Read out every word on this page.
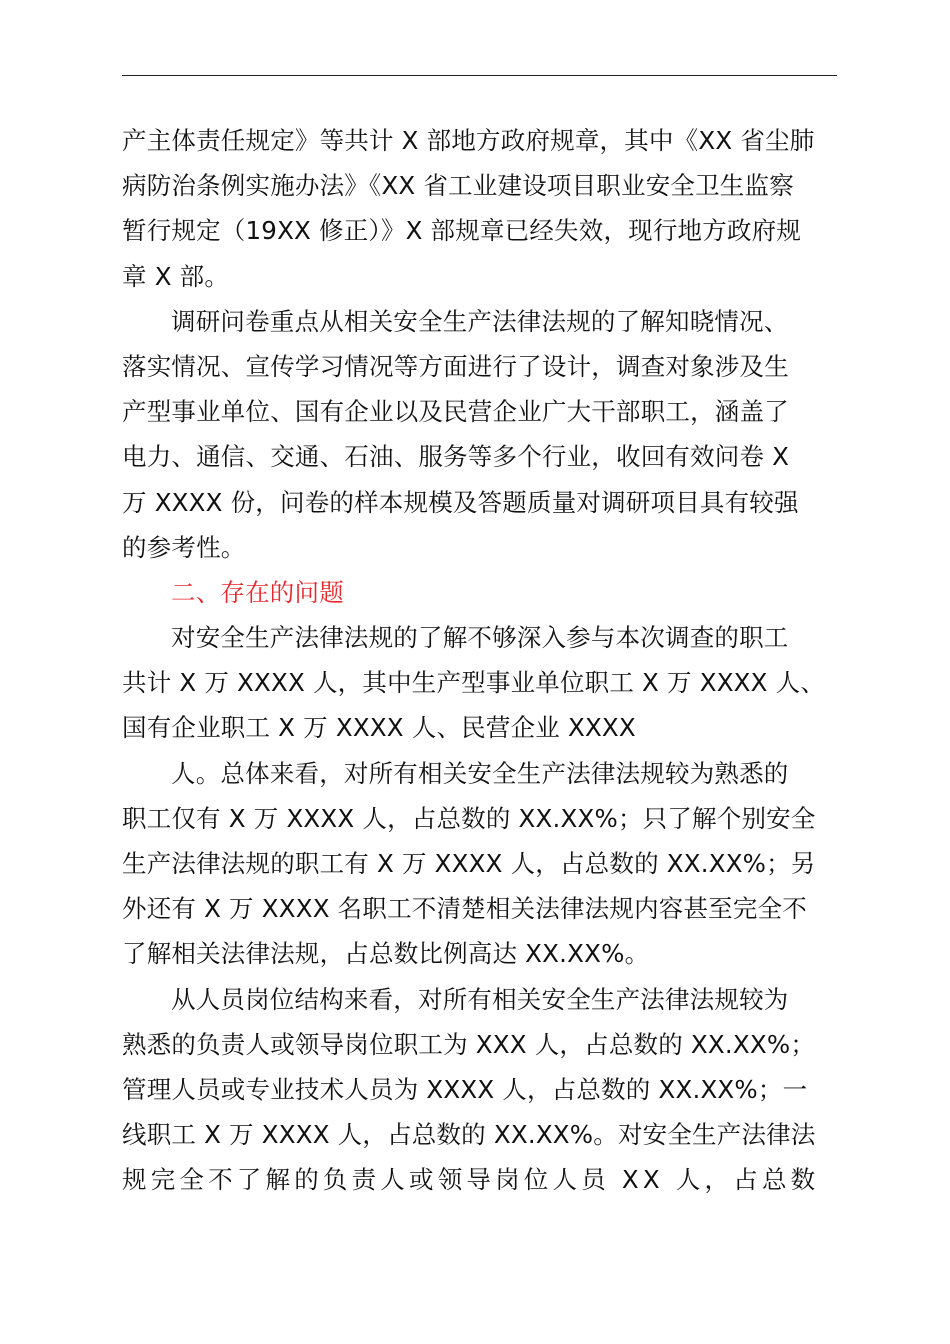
产主体责任规定》等共计 X 部地方政府规章，其中《XX 省尘肺
病防治条例实施办法》《XX 省工业建设项目职业安全卫生监察
暂行规定（19XX 修正）》X 部规章已经失效，现行地方政府规
章 X 部。
调研问卷重点从相关安全生产法律法规的了解知晓情况、
落实情况、宣传学习情况等方面进行了设计，调查对象涉及生
产型事业单位、国有企业以及民营企业广大干部职工，涵盖了
电力、通信、交通、石油、服务等多个行业，收回有效问卷 X
万 XXXX 份，问卷的样本规模及答题质量对调研项目具有较强
的参考性。
二、存在的问题
对安全生产法律法规的了解不够深入参与本次调查的职工
共计 X 万 XXXX 人，其中生产型事业单位职工 X 万 XXXX 人、
国有企业职工 X 万 XXXX 人、民营企业 XXXX
人。总体来看，对所有相关安全生产法律法规较为熟悉的
职工仅有 X 万 XXXX 人，占总数的 XX.XX%；只了解个别安全
生产法律法规的职工有 X 万 XXXX 人，占总数的 XX.XX%；另
外还有 X 万 XXXX 名职工不清楚相关法律法规内容甚至完全不
了解相关法律法规，占总数比例高达 XX.XX%。
从人员岗位结构来看，对所有相关安全生产法律法规较为
熟悉的负责人或领导岗位职工为 XXX 人，占总数的 XX.XX%；
管理人员或专业技术人员为 XXXX 人，占总数的 XX.XX%；一
线职工 X 万 XXXX 人，占总数的 XX.XX%。对安全生产法律法
规完全不了解的负责人或领导岗位人员 XX 人，占总数
